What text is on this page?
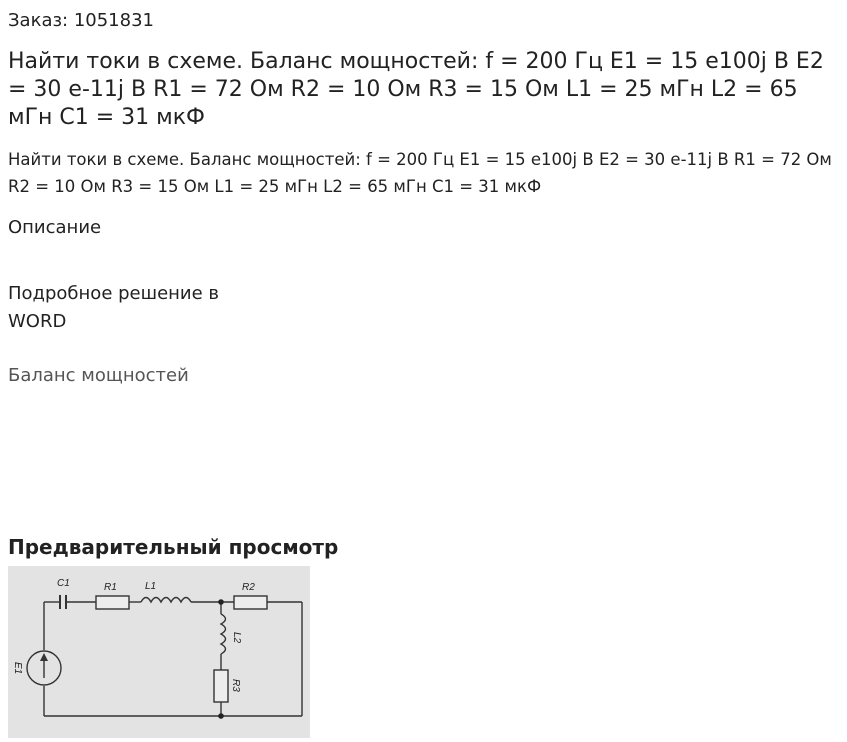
Заказ: 1051831
Найти токи в схеме. Баланс мощностей: f = 200 Гц E1 = 15 e100j В E2 = 30 e-11j В R1 = 72 Ом R2 = 10 Ом R3 = 15 Ом L1 = 25 мГн L2 = 65 мГн C1 = 31 мкФ

Найти токи в схеме. Баланс мощностей: f = 200 Гц E1 = 15 e100j В E2 = 30 e-11j В R1 = 72 Ом R2 = 10 Ом R3 = 15 Ом L1 = 25 мГн L2 = 65 мГн C1 = 31 мкФ

Описание
Подробное решение в WORD
Баланс мощностей
Предварительный просмотр
C1	R1	L1	R2
L2
R3
E1
